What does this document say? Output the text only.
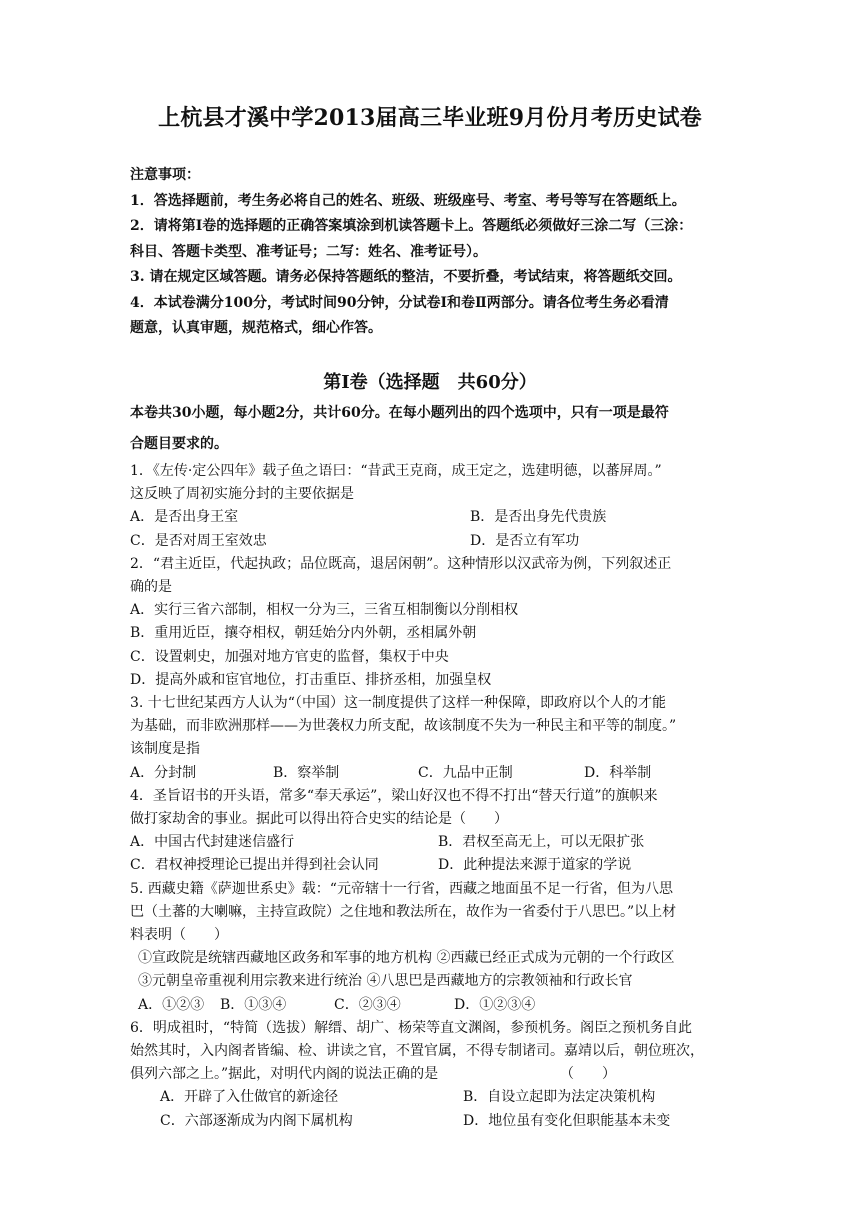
上杭县才溪中学2013届高三毕业班9月份月考历史试卷

注意事项：

1．答选择题前，考生务必将自己的姓名、班级、班级座号、考室、考号等写在答题纸上。

2．请将第Ⅰ卷的选择题的正确答案填涂到机读答题卡上。答题纸必须做好三涂二写（三涂：

科目、答题卡类型、准考证号；二写：姓名、准考证号）。

3. 请在规定区域答题。请务必保持答题纸的整洁，不要折叠，考试结束，将答题纸交回。

4．本试卷满分100分，考试时间90分钟，分试卷Ⅰ和卷Ⅱ两部分。请各位考生务必看清

题意，认真审题，规范格式，细心作答。

第I卷（选择题　共60分）

本卷共30小题，每小题2分，共计60分。在每小题列出的四个选项中，只有一项是最符

合题目要求的。

1．《左传·定公四年》载子鱼之语曰：“昔武王克商，成王定之，选建明德，以蕃屏周。”

这反映了周初实施分封的主要依据是

A．是否出身王室	B．是否出身先代贵族
C．是否对周王室效忠	D．是否立有军功

2．“君主近臣，代起执政；品位既高，退居闲朝”。这种情形以汉武帝为例，下列叙述正

确的是

A．实行三省六部制，相权一分为三，三省互相制衡以分削相权

B．重用近臣，攘夺相权，朝廷始分内外朝，丞相属外朝

C．设置刺史，加强对地方官吏的监督，集权于中央

D．提高外戚和宦官地位，打击重臣、排挤丞相，加强皇权

3. 十七世纪某西方人认为“（中国）这一制度提供了这样一种保障，即政府以个人的才能

为基础，而非欧洲那样——为世袭权力所支配，故该制度不失为一种民主和平等的制度。”

该制度是指

A．分封制	B．察举制	C．九品中正制	D．科举制

4．圣旨诏书的开头语，常多“奉天承运”，梁山好汉也不得不打出“替天行道”的旗帜来

做打家劫舍的事业。据此可以得出符合史实的结论是（　　）

A．中国古代封建迷信盛行	B．君权至高无上，可以无限扩张
C．君权神授理论已提出并得到社会认同	D．此种提法来源于道家的学说

5. 西藏史籍《萨迦世系史》载：“元帝辖十一行省，西藏之地面虽不足一行省，但为八思

巴（土蕃的大喇嘛，主持宣政院）之住地和教法所在，故作为一省委付于八思巴。”以上材

料表明（　　）

①宣政院是统辖西藏地区政务和军事的地方机构 ②西藏已经正式成为元朝的一个行政区

③元朝皇帝重视利用宗教来进行统治 ④八思巴是西藏地方的宗教领袖和行政长官

A．①②③	B．①③④	C．②③④	D．①②③④

6．明成祖时，“特简（选拔）解缙、胡广、杨荣等直文渊阁，参预机务。阁臣之预机务自此

始然其时，入内阁者皆编、检、讲读之官，不置官属，不得专制诸司。嘉靖以后，朝位班次，

俱列六部之上。”据此，对明代内阁的说法正确的是	（　　）
A．开辟了入仕做官的新途径	B．自设立起即为法定决策机构
C．六部逐渐成为内阁下属机构	D．地位虽有变化但职能基本未变
